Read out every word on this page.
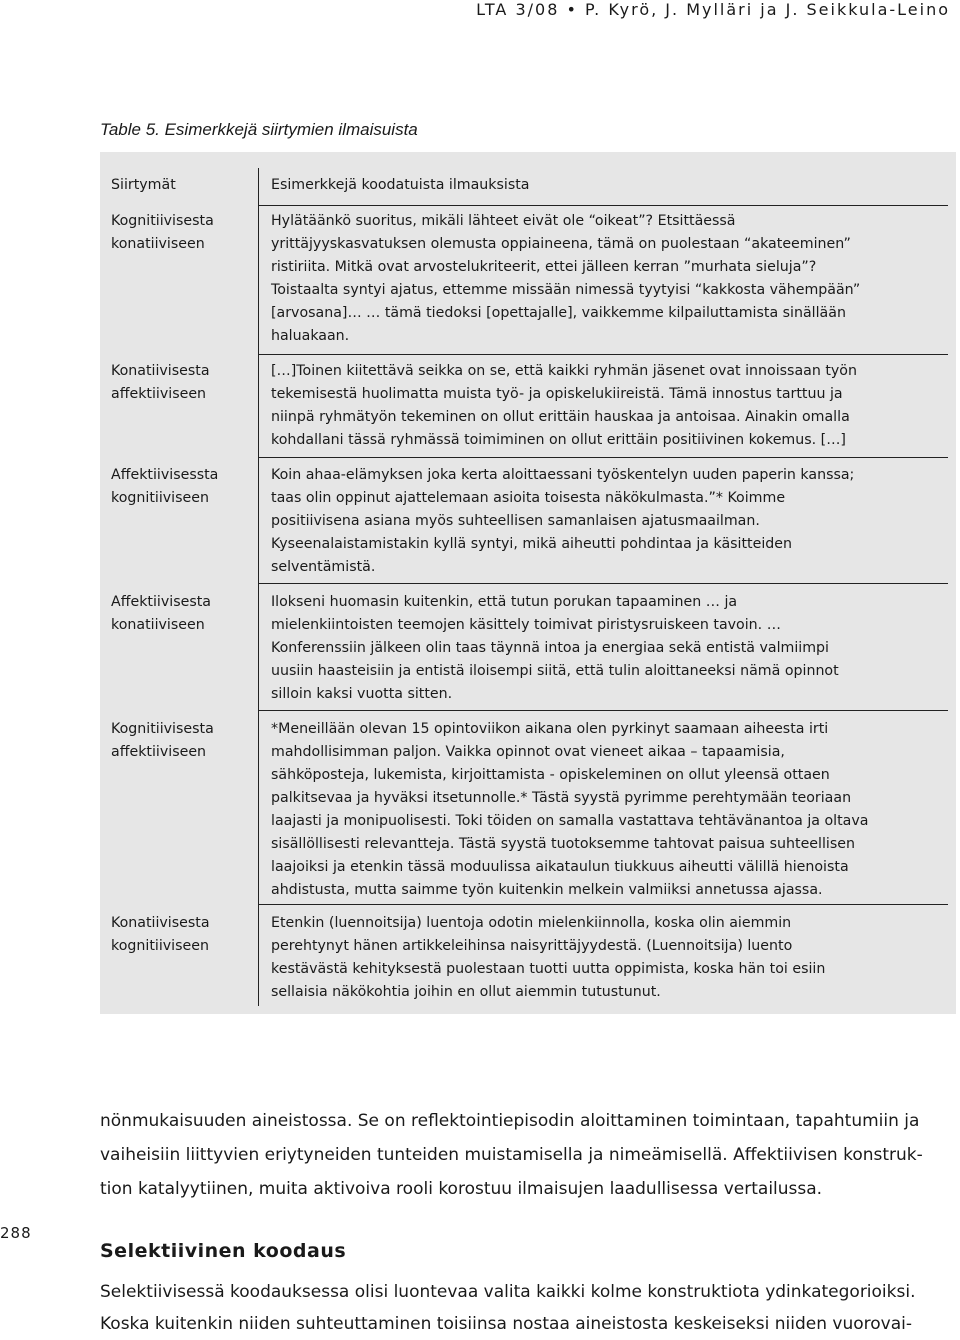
LTA 3/08 • P. Kyrö, J. Mylläri ja J. Seikkula-Leino
Table 5. Esimerkkejä siirtymien ilmaisuista
Siirtymät	Esimerkkejä koodatuista ilmauksista
Kognitiivisesta
konatiiviseen
Hylätäänkö suoritus, mikäli lähteet eivät ole “oikeat”? Etsittäessä
yrittäjyyskasvatuksen olemusta oppiaineena, tämä on puolestaan “akateeminen”
ristiriita. Mitkä ovat arvostelukriteerit, ettei jälleen kerran ”murhata sieluja”?
Toistaalta syntyi ajatus, ettemme missään nimessä tyytyisi “kakkosta vähempään”
[arvosana]… … tämä tiedoksi [opettajalle], vaikkemme kilpailuttamista sinällään
haluakaan.
Konatiivisesta
affektiiviseen
[…]Toinen kiitettävä seikka on se, että kaikki ryhmän jäsenet ovat innoissaan työn
tekemisestä huolimatta muista työ- ja opiskelukiireistä. Tämä innostus tarttuu ja
niinpä ryhmätyön tekeminen on ollut erittäin hauskaa ja antoisaa. Ainakin omalla
kohdallani tässä ryhmässä toimiminen on ollut erittäin positiivinen kokemus. […]
Affektiivisessta
kognitiiviseen
Koin ahaa-elämyksen joka kerta aloittaessani työskentelyn uuden paperin kanssa;
taas olin oppinut ajattelemaan asioita toisesta näkökulmasta.”* Koimme
positiivisena asiana myös suhteellisen samanlaisen ajatusmaailman.
Kyseenalaistamistakin kyllä syntyi, mikä aiheutti pohdintaa ja käsitteiden
selventämistä.
Affektiivisesta
konatiiviseen
Ilokseni huomasin kuitenkin, että tutun porukan tapaaminen … ja
mielenkiintoisten teemojen käsittely toimivat piristysruiskeen tavoin. …
Konferenssiin jälkeen olin taas täynnä intoa ja energiaa sekä entistä valmiimpi
uusiin haasteisiin ja entistä iloisempi siitä, että tulin aloittaneeksi nämä opinnot
silloin kaksi vuotta sitten.
Kognitiivisesta
affektiiviseen
*Meneillään olevan 15 opintoviikon aikana olen pyrkinyt saamaan aiheesta irti
mahdollisimman paljon. Vaikka opinnot ovat vieneet aikaa – tapaamisia,
sähköposteja, lukemista, kirjoittamista - opiskeleminen on ollut yleensä ottaen
palkitsevaa ja hyväksi itsetunnolle.* Tästä syystä pyrimme perehtymään teoriaan
laajasti ja monipuolisesti. Toki töiden on samalla vastattava tehtävänantoa ja oltava
sisällöllisesti relevantteja. Tästä syystä tuotoksemme tahtovat paisua suhteellisen
laajoiksi ja etenkin tässä moduulissa aikataulun tiukkuus aiheutti välillä hienoista
ahdistusta, mutta saimme työn kuitenkin melkein valmiiksi annetussa ajassa.
Konatiivisesta
kognitiiviseen
Etenkin (luennoitsija) luentoja odotin mielenkiinnolla, koska olin aiemmin
perehtynyt hänen artikkeleihinsa naisyrittäjyydestä. (Luennoitsija) luento
kestävästä kehityksestä puolestaan tuotti uutta oppimista, koska hän toi esiin
sellaisia näkökohtia joihin en ollut aiemmin tutustunut.
nönmukaisuuden aineistossa. Se on reflektointiepisodin aloittaminen toimintaan, tapahtumiin ja
vaiheisiin liittyvien eriytyneiden tunteiden muistamisella ja nimeämisellä. Affektiivisen konstruk-
tion katalyytiinen, muita aktivoiva rooli korostuu ilmaisujen laadullisessa vertailussa.
288
Selektiivinen koodaus
Selektiivisessä koodauksessa olisi luontevaa valita kaikki kolme konstruktiota ydinkategorioiksi.
Koska kuitenkin niiden suhteuttaminen toisiinsa nostaa aineistosta keskeiseksi niiden vuorovai-
